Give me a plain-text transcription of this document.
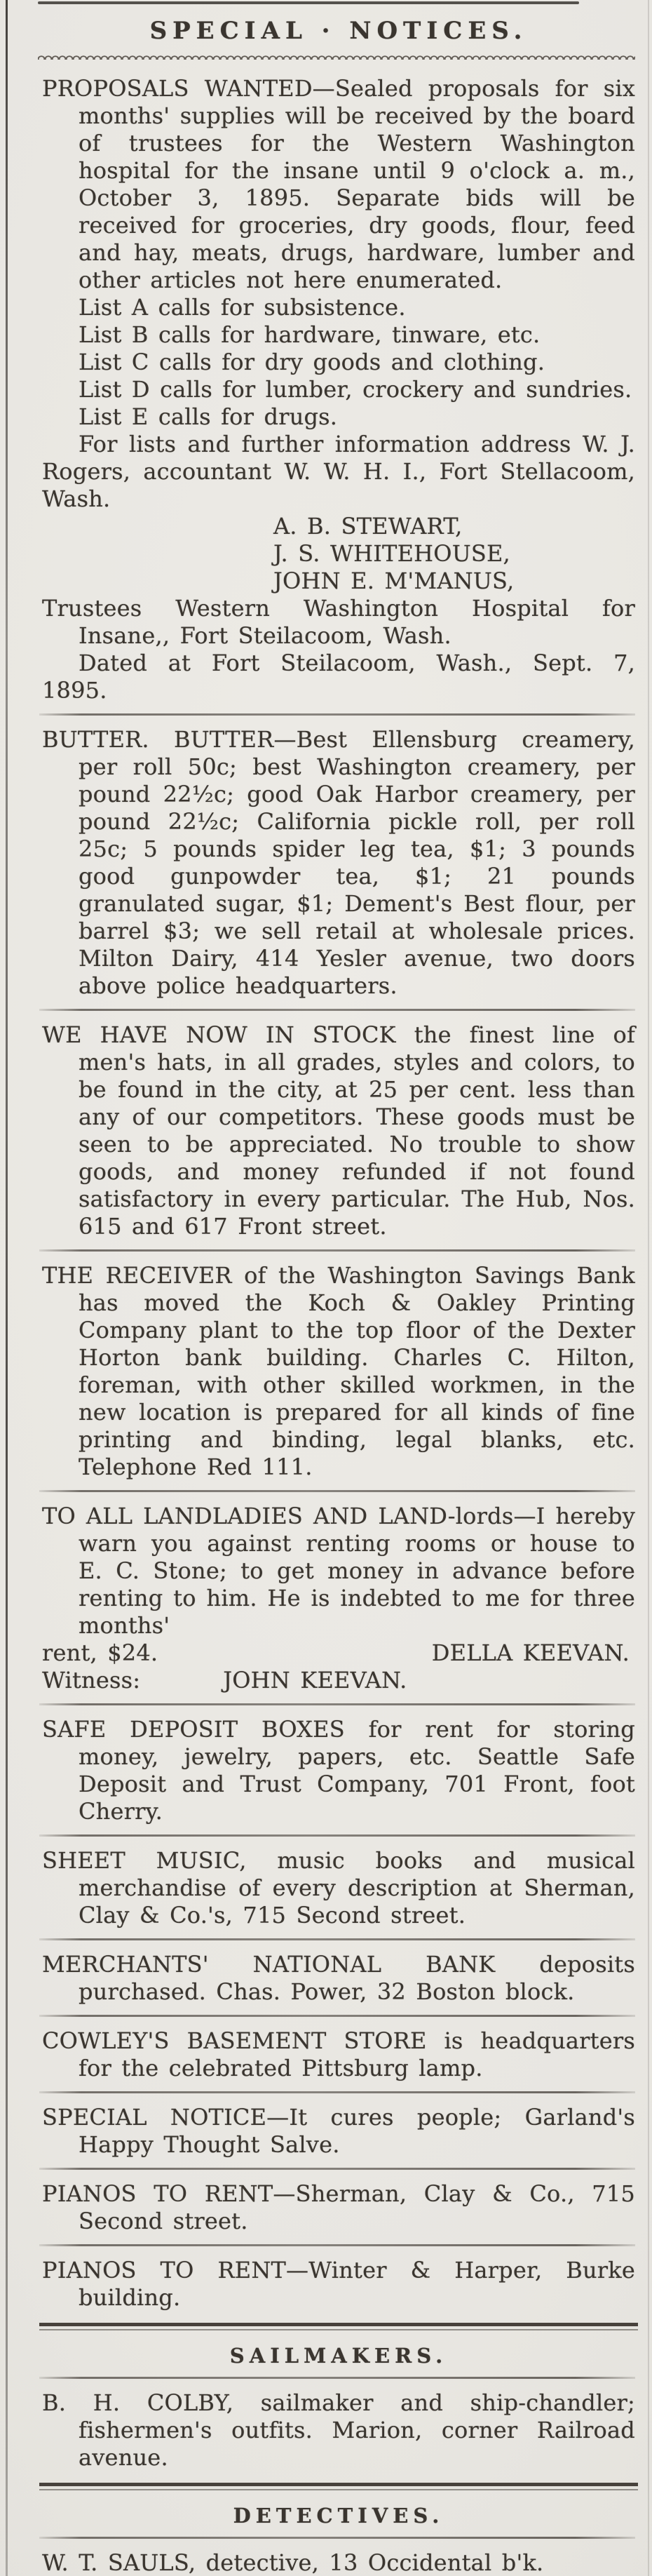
SPECIAL · NOTICES.

PROPOSALS WANTED—Sealed proposals for six months' supplies will be received by the board of trustees for the Western Washington hospital for the insane until 9 o'clock a. m., October 3, 1895. Separate bids will be received for groceries, dry goods, flour, feed and hay, meats, drugs, hardware, lumber and other articles not here enumerated.

List A calls for subsistence.

List B calls for hardware, tinware, etc.

List C calls for dry goods and clothing.

List D calls for lumber, crockery and sundries.

List E calls for drugs.

For lists and further information address W. J. Rogers, accountant W. W. H. I., Fort Stellacoom, Wash.

A. B. STEWART,

J. S. WHITEHOUSE,

JOHN E. M'MANUS,

Trustees Western Washington Hospital for Insane,, Fort Steilacoom, Wash.

Dated at Fort Steilacoom, Wash., Sept. 7, 1895.

BUTTER. BUTTER—Best Ellensburg creamery, per roll 50c; best Washington creamery, per pound 22½c; good Oak Harbor creamery, per pound 22½c; California pickle roll, per roll 25c; 5 pounds spider leg tea, $1; 3 pounds good gunpowder tea, $1; 21 pounds granulated sugar, $1; Dement's Best flour, per barrel $3; we sell retail at wholesale prices. Milton Dairy, 414 Yesler avenue, two doors above police headquarters.

WE HAVE NOW IN STOCK the finest line of men's hats, in all grades, styles and colors, to be found in the city, at 25 per cent. less than any of our competitors. These goods must be seen to be appreciated. No trouble to show goods, and money refunded if not found satisfactory in every particular. The Hub, Nos. 615 and 617 Front street.

THE RECEIVER of the Washington Savings Bank has moved the Koch & Oakley Printing Company plant to the top floor of the Dexter Horton bank building. Charles C. Hilton, foreman, with other skilled workmen, in the new location is prepared for all kinds of fine printing and binding, legal blanks, etc. Telephone Red 111.

TO ALL LANDLADIES AND LAND-lords—I hereby warn you against renting rooms or house to E. C. Stone; to get money in advance before renting to him. He is indebted to me for three months'

rent, $24.	DELLA KEEVAN.
Witness:	JOHN KEEVAN.

SAFE DEPOSIT BOXES for rent for storing money, jewelry, papers, etc. Seattle Safe Deposit and Trust Company, 701 Front, foot Cherry.

SHEET MUSIC, music books and musical merchandise of every description at Sherman, Clay & Co.'s, 715 Second street.

MERCHANTS' NATIONAL BANK deposits purchased. Chas. Power, 32 Boston block.

COWLEY'S BASEMENT STORE is headquarters for the celebrated Pittsburg lamp.

SPECIAL NOTICE—It cures people; Garland's Happy Thought Salve.

PIANOS TO RENT—Sherman, Clay & Co., 715 Second street.

PIANOS TO RENT—Winter & Harper, Burke building.

SAILMAKERS.

B. H. COLBY, sailmaker and ship-chandler; fishermen's outfits. Marion, corner Railroad avenue.

DETECTIVES.

W. T. SAULS, detective, 13 Occidental b'k.
